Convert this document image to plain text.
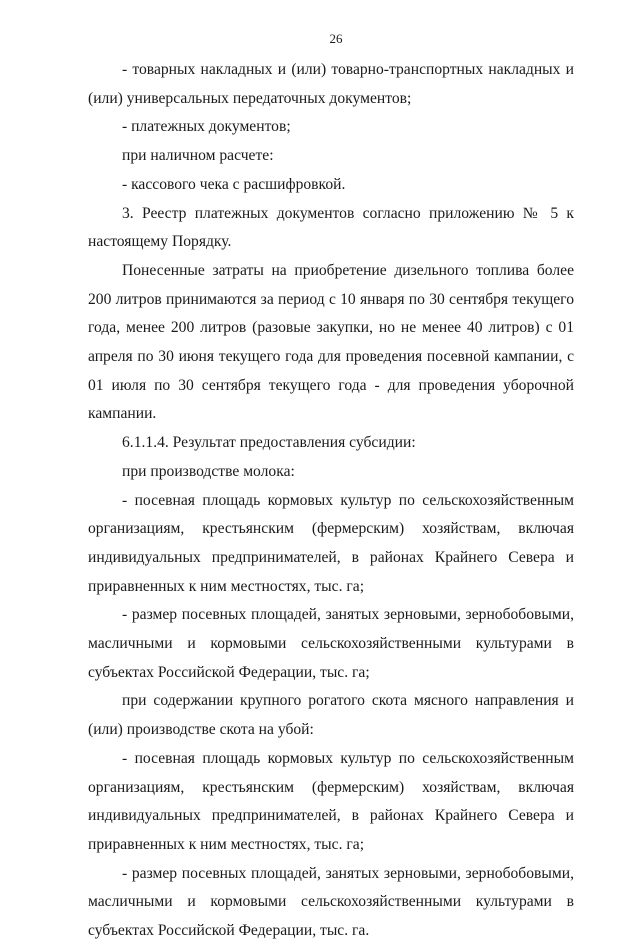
26

- товарных накладных и (или) товарно-транспортных накладных и (или) универсальных передаточных документов;

- платежных документов;

при наличном расчете:

- кассового чека с расшифровкой.

3. Реестр платежных документов согласно приложению № 5 к настоящему Порядку.

Понесенные затраты на приобретение дизельного топлива более 200 литров принимаются за период с 10 января по 30 сентября текущего года, менее 200 литров (разовые закупки, но не менее 40 литров) с 01 апреля по 30 июня текущего года для проведения посевной кампании, с 01 июля по 30 сентября текущего года - для проведения уборочной кампании.

6.1.1.4. Результат предоставления субсидии:

при производстве молока:

- посевная площадь кормовых культур по сельскохозяйственным организациям, крестьянским (фермерским) хозяйствам, включая индивидуальных предпринимателей, в районах Крайнего Севера и приравненных к ним местностях, тыс. га;

- размер посевных площадей, занятых зерновыми, зернобобовыми, масличными и кормовыми сельскохозяйственными культурами в субъектах Российской Федерации, тыс. га;

при содержании крупного рогатого скота мясного направления и (или) производстве скота на убой:

- посевная площадь кормовых культур по сельскохозяйственным организациям, крестьянским (фермерским) хозяйствам, включая индивидуальных предпринимателей, в районах Крайнего Севера и приравненных к ним местностях, тыс. га;

- размер посевных площадей, занятых зерновыми, зернобобовыми, масличными и кормовыми сельскохозяйственными культурами в субъектах Российской Федерации, тыс. га.
